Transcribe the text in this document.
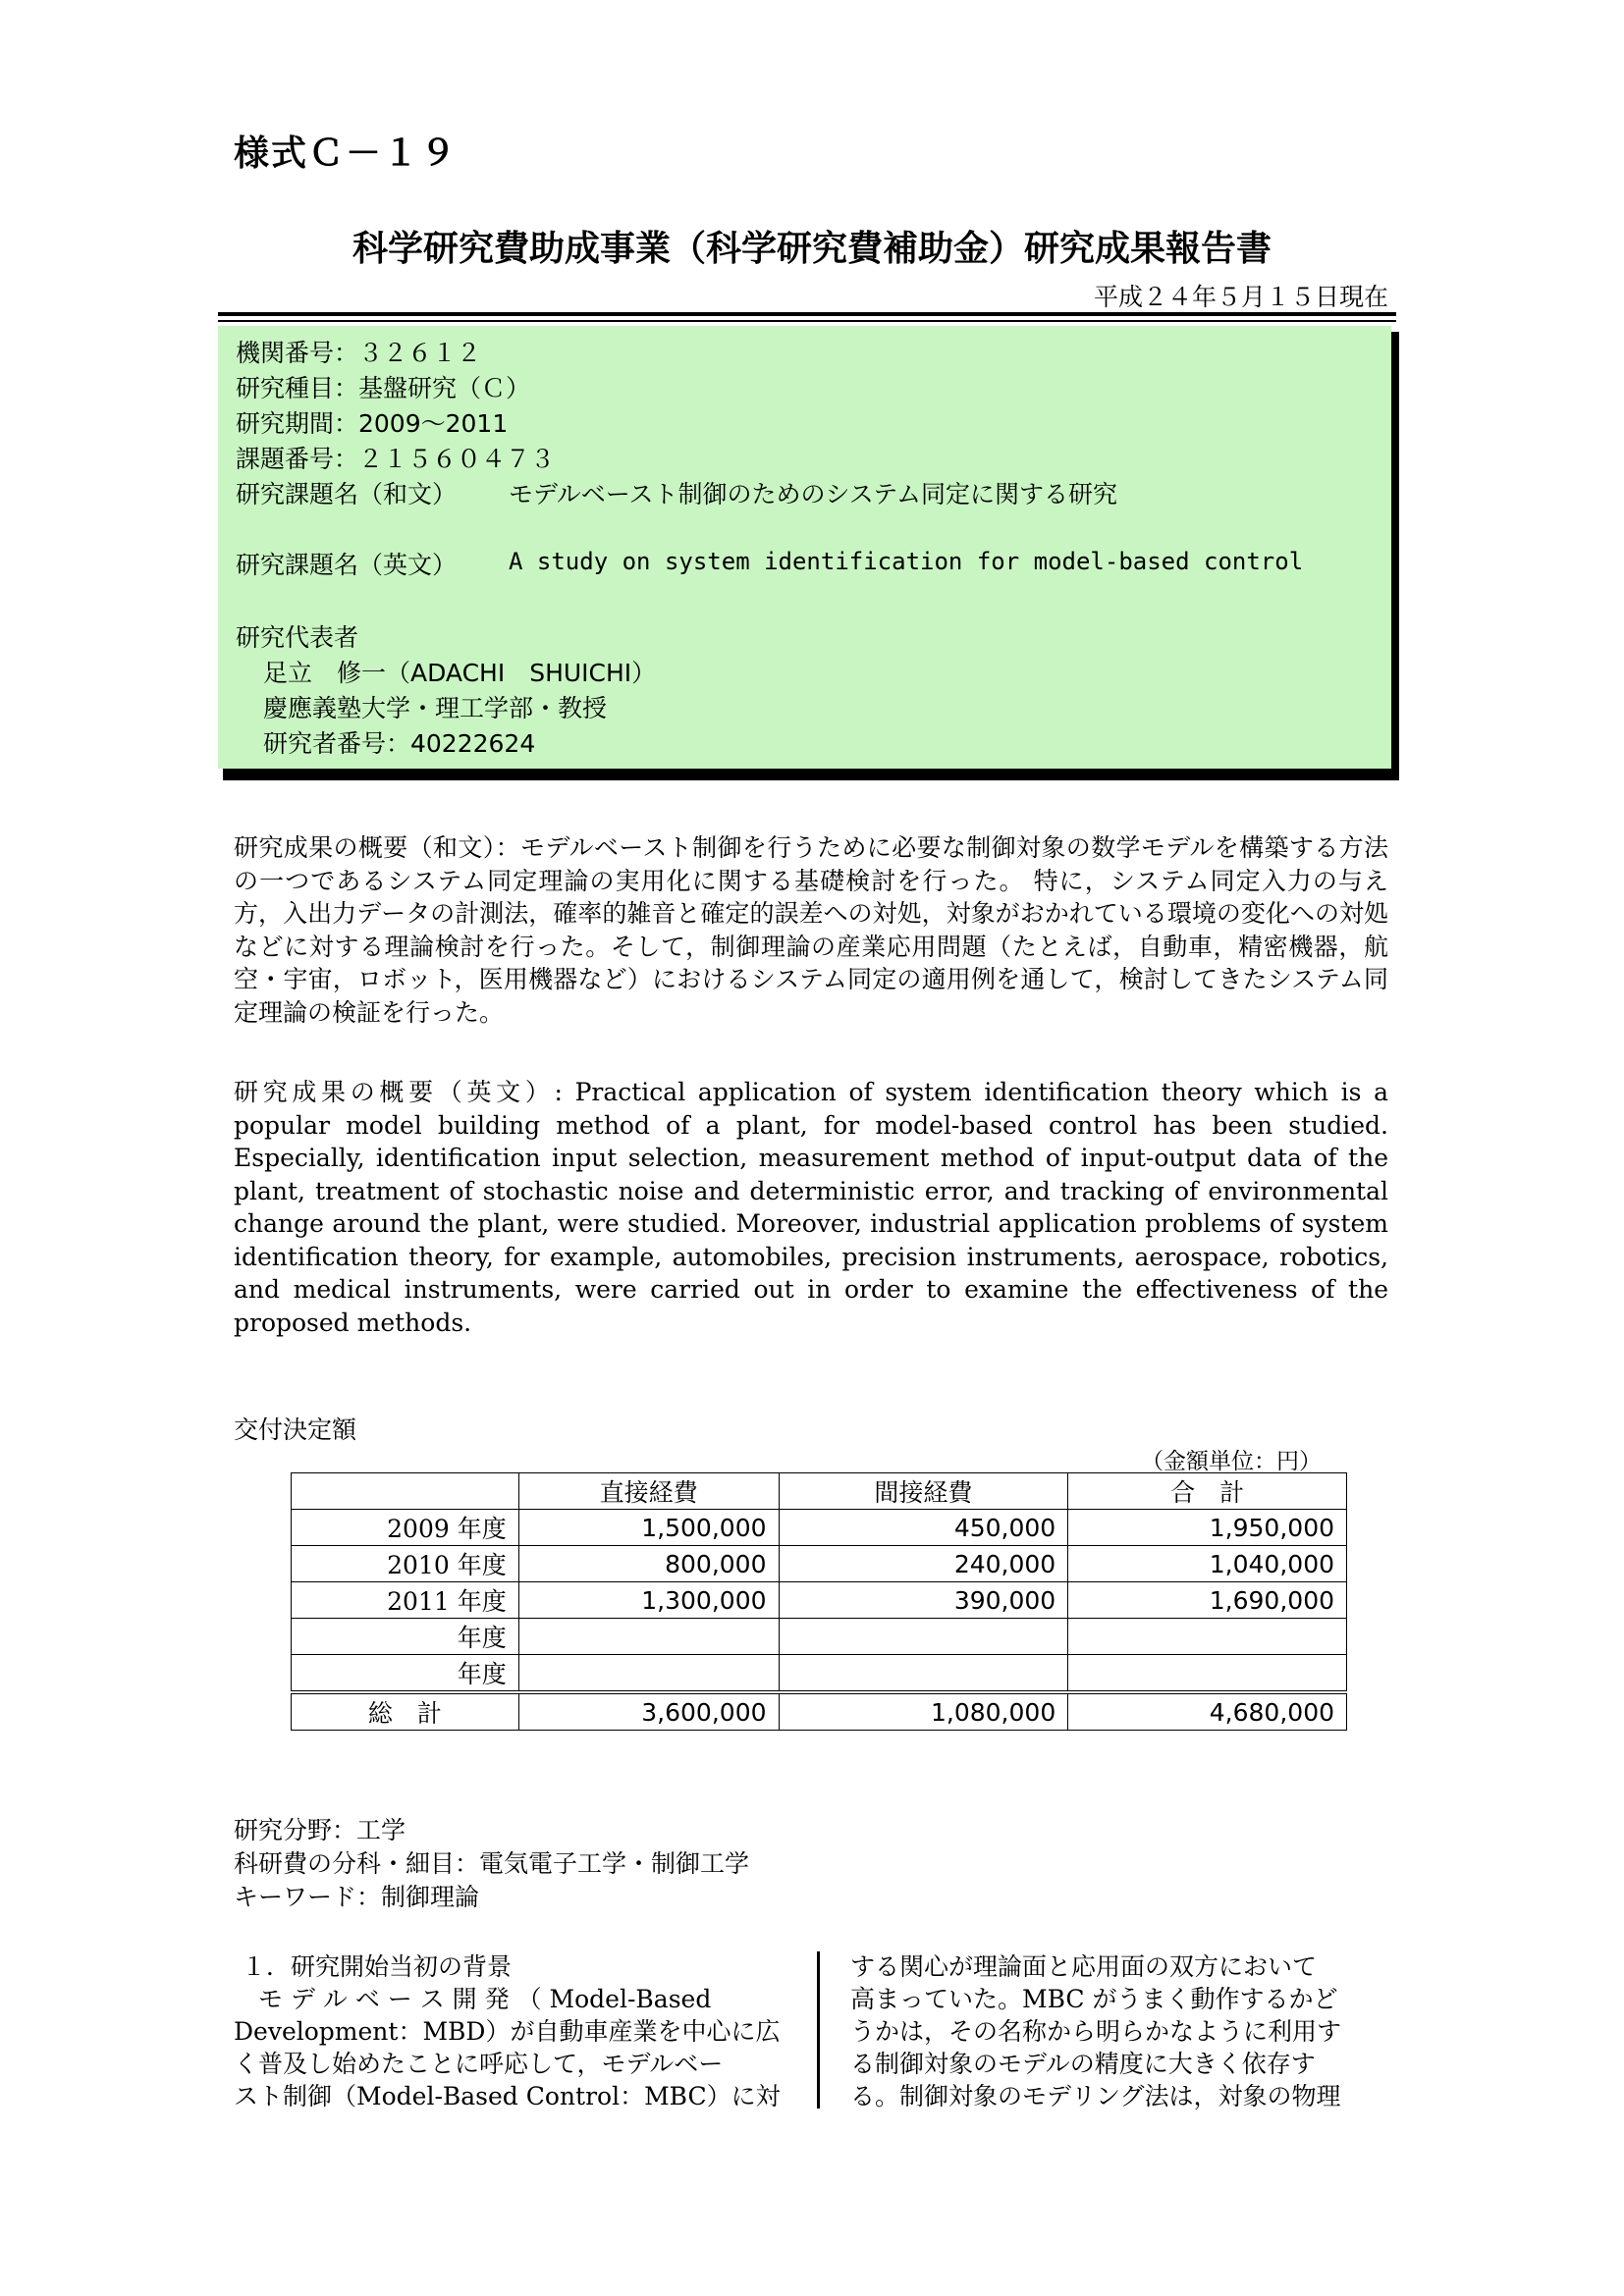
様式Ｃ－１９
科学研究費助成事業（科学研究費補助金）研究成果報告書
平成２４年５月１５日現在
機関番号：３２６１２
研究種目：基盤研究（Ｃ）
研究期間：2009～2011
課題番号：２１５６０４７３
研究課題名（和文） モデルベースト制御のためのシステム同定に関する研究
研究課題名（英文） A study on system identification for model-based control
研究代表者
足立　修一（ADACHI　SHUICHI）
慶應義塾大学・理工学部・教授
研究者番号：40222624
研究成果の概要（和文）：モデルベースト制御を行うために必要な制御対象の数学モデルを構築する方法の一つであるシステム同定理論の実用化に関する基礎検討を行った。 特に，システム同定入力の与え方，入出力データの計測法，確率的雑音と確定的誤差への対処，対象がおかれている環境の変化への対処などに対する理論検討を行った。そして，制御理論の産業応用問題（たとえば，自動車，精密機器，航空・宇宙，ロボット，医用機器など）におけるシステム同定の適用例を通して，検討してきたシステム同定理論の検証を行った。
研究成果の概要（英文）: Practical application of system identification theory which is a popular model building method of a plant, for model-based control has been studied. Especially, identification input selection, measurement method of input-output data of the plant, treatment of stochastic noise and deterministic error, and tracking of environmental change around the plant, were studied. Moreover, industrial application problems of system identification theory, for example, automobiles, precision instruments, aerospace, robotics, and medical instruments, were carried out in order to examine the effectiveness of the proposed methods.
交付決定額
（金額単位：円）
	直接経費	間接経費	合　計
2009 年度	1,500,000	450,000	1,950,000
2010 年度	800,000	240,000	1,040,000
2011 年度	1,300,000	390,000	1,690,000
年度			
年度			
総　計	3,600,000	1,080,000	4,680,000
研究分野：工学
科研費の分科・細目：電気電子工学・制御工学
キーワード：制御理論
１．研究開始当初の背景
　モ デ ル ベ ー ス 開 発 （ Model-Based
Development：MBD）が自動車産業を中心に広
く普及し始めたことに呼応して，モデルベー
スト制御（Model-Based Control：MBC）に対
する関心が理論面と応用面の双方において
高まっていた。MBC がうまく動作するかど
うかは，その名称から明らかなように利用す
る制御対象のモデルの精度に大きく依存す
る。制御対象のモデリング法は，対象の物理
